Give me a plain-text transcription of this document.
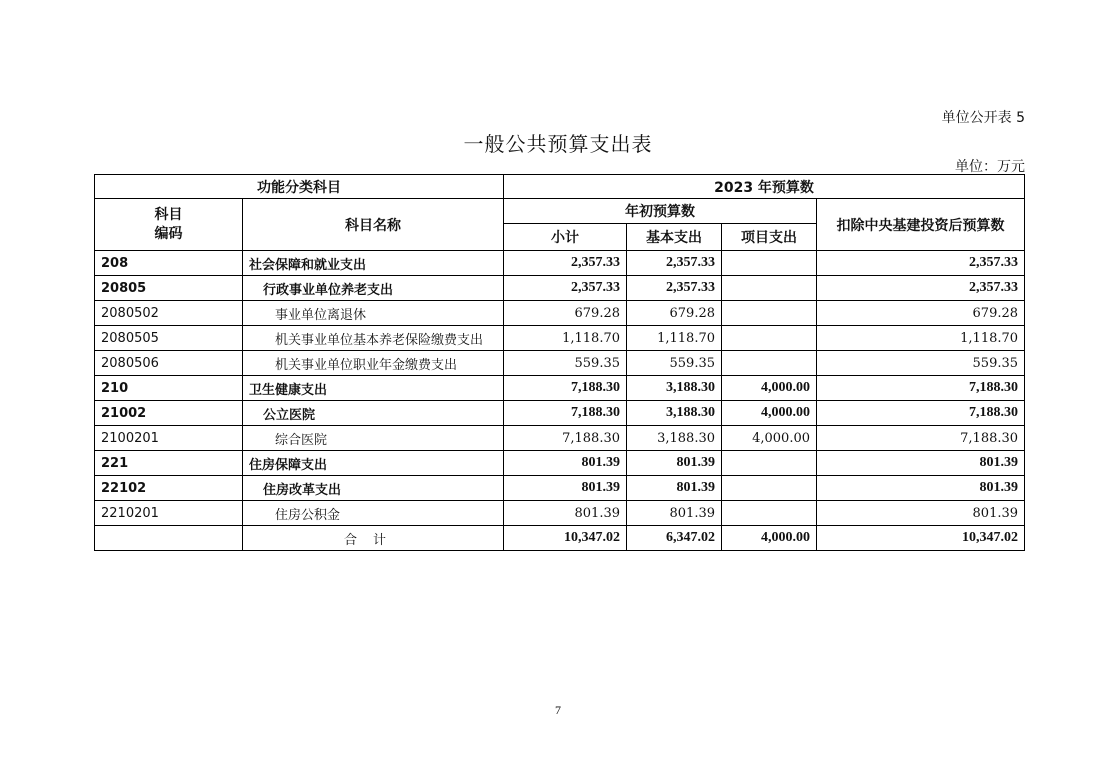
单位公开表 5
一般公共预算支出表
单位：万元
功能分类科目		2023 年预算数			
科目
编码	科目名称	年初预算数			扣除中央基建投资后预算数
		小计	基本支出	项目支出	
208	社会保障和就业支出	2,357.33	2,357.33		2,357.33
20805	行政事业单位养老支出	2,357.33	2,357.33		2,357.33
2080502	事业单位离退休	679.28	679.28		679.28
2080505	机关事业单位基本养老保险缴费支出	1,118.70	1,118.70		1,118.70
2080506	机关事业单位职业年金缴费支出	559.35	559.35		559.35
210	卫生健康支出	7,188.30	3,188.30	4,000.00	7,188.30
21002	公立医院	7,188.30	3,188.30	4,000.00	7,188.30
2100201	综合医院	7,188.30	3,188.30	4,000.00	7,188.30
221	住房保障支出	801.39	801.39		801.39
22102	住房改革支出	801.39	801.39		801.39
2210201	住房公积金	801.39	801.39		801.39
	合计	10,347.02	6,347.02	4,000.00	10,347.02
7
